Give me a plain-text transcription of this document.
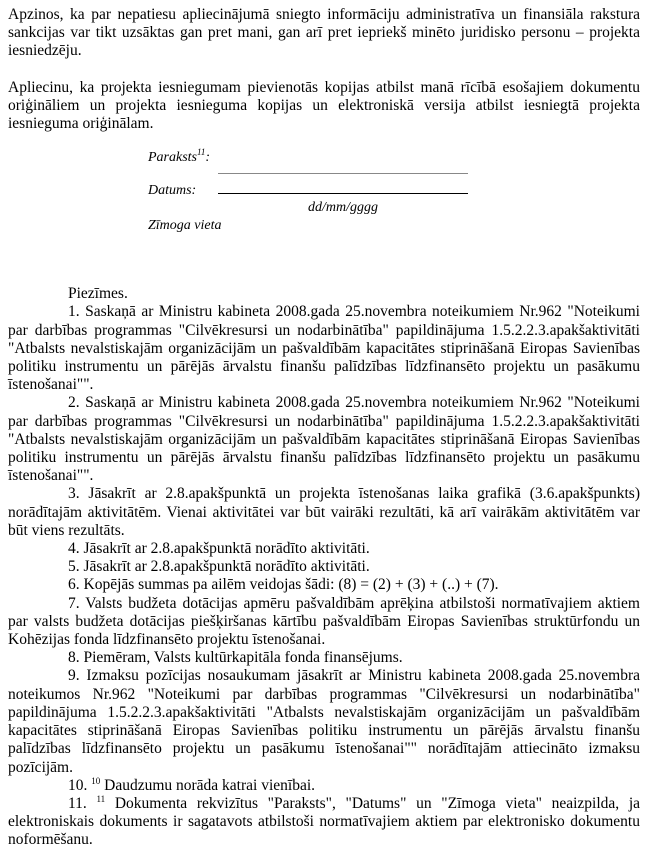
Apzinos, ka par nepatiesu apliecinājumā sniegto informāciju administratīva un finansiāla rakstura sankcijas var tikt uzsāktas gan pret mani, gan arī pret iepriekš minēto juridisko personu – projekta iesniedzēju.

Apliecinu, ka projekta iesniegumam pievienotās kopijas atbilst manā rīcībā esošajiem dokumentu oriģināliem un projekta iesnieguma kopijas un elektroniskā versija atbilst iesniegtā projekta iesnieguma oriģinālam.

Paraksts$^{11}$:
Datums:
dd/mm/gggg
Zīmoga vieta

Piezīmes.

1. Saskaņā ar Ministru kabineta 2008.gada 25.novembra noteikumiem Nr.962 "Noteikumi par darbības programmas "Cilvēkresursi un nodarbinātība" papildinājuma 1.5.2.2.3.apakšaktivitāti "Atbalsts nevalstiskajām organizācijām un pašvaldībām kapacitātes stiprināšanā Eiropas Savienības politiku instrumentu un pārējās ārvalstu finanšu palīdzības līdzfinansēto projektu un pasākumu īstenošanai"".

2. Saskaņā ar Ministru kabineta 2008.gada 25.novembra noteikumiem Nr.962 "Noteikumi par darbības programmas "Cilvēkresursi un nodarbinātība" papildinājuma 1.5.2.2.3.apakšaktivitāti "Atbalsts nevalstiskajām organizācijām un pašvaldībām kapacitātes stiprināšanā Eiropas Savienības politiku instrumentu un pārējās ārvalstu finanšu palīdzības līdzfinansēto projektu un pasākumu īstenošanai"".

3. Jāsakrīt ar 2.8.apakšpunktā un projekta īstenošanas laika grafikā (3.6.apakšpunkts) norādītajām aktivitātēm. Vienai aktivitātei var būt vairāki rezultāti, kā arī vairākām aktivitātēm var būt viens rezultāts.

4. Jāsakrīt ar 2.8.apakšpunktā norādīto aktivitāti.

5. Jāsakrīt ar 2.8.apakšpunktā norādīto aktivitāti.

6. Kopējās summas pa ailēm veidojas šādi: (8) = (2) + (3) + (..) + (7).

7. Valsts budžeta dotācijas apmēru pašvaldībām aprēķina atbilstoši normatīvajiem aktiem par valsts budžeta dotācijas piešķiršanas kārtību pašvaldībām Eiropas Savienības struktūrfondu un Kohēzijas fonda līdzfinansēto projektu īstenošanai.

8. Piemēram, Valsts kultūrkapitāla fonda finansējums.

9. Izmaksu pozīcijas nosaukumam jāsakrīt ar Ministru kabineta 2008.gada 25.novembra noteikumos Nr.962 "Noteikumi par darbības programmas "Cilvēkresursi un nodarbinātība" papildinājuma 1.5.2.2.3.apakšaktivitāti "Atbalsts nevalstiskajām organizācijām un pašvaldībām kapacitātes stiprināšanā Eiropas Savienības politiku instrumentu un pārējās ārvalstu finanšu palīdzības līdzfinansēto projektu un pasākumu īstenošanai"" norādītajām attiecināto izmaksu pozīcijām.

10. $^{10}$ Daudzumu norāda katrai vienībai.

11. $^{11}$ Dokumenta rekvizītus "Paraksts", "Datums" un "Zīmoga vieta" neaizpilda, ja elektroniskais dokuments ir sagatavots atbilstoši normatīvajiem aktiem par elektronisko dokumentu noformēšanu.
